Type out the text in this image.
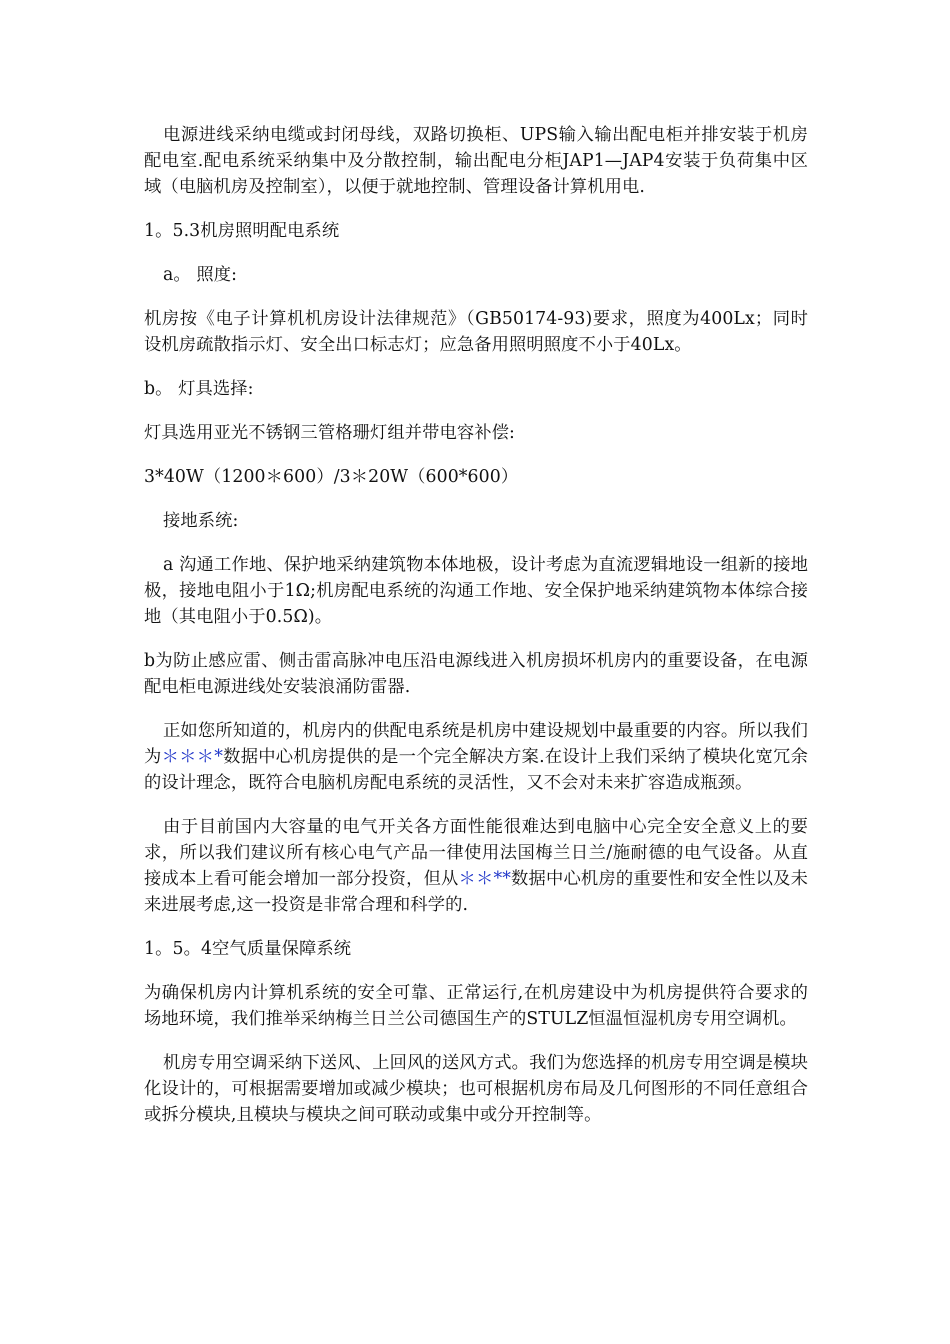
电源进线采纳电缆或封闭母线，双路切换柜、UPS输入输出配电柜并排安装于机房配电室.配电系统采纳集中及分散控制，输出配电分柜JAP1—JAP4安装于负荷集中区域（电脑机房及控制室），以便于就地控制、管理设备计算机用电.

1。5.3机房照明配电系统

a。 照度:

机房按《电子计算机机房设计法律规范》（GB50174-93)要求，照度为400Lx；同时设机房疏散指示灯、安全出口标志灯；应急备用照明照度不小于40Lx。

b。 灯具选择:

灯具选用亚光不锈钢三管格珊灯组并带电容补偿:

3*40W（1200＊600）/3＊20W（600*600）

接地系统:

a 沟通工作地、保护地采纳建筑物本体地极，设计考虑为直流逻辑地设一组新的接地极，接地电阻小于1Ω;机房配电系统的沟通工作地、安全保护地采纳建筑物本体综合接地（其电阻小于0.5Ω)。

b为防止感应雷、侧击雷高脉冲电压沿电源线进入机房损坏机房内的重要设备，在电源配电柜电源进线处安装浪涌防雷器.

正如您所知道的，机房内的供配电系统是机房中建设规划中最重要的内容。所以我们为＊＊＊*数据中心机房提供的是一个完全解决方案.在设计上我们采纳了模块化宽冗余的设计理念，既符合电脑机房配电系统的灵活性，又不会对未来扩容造成瓶颈。

由于目前国内大容量的电气开关各方面性能很难达到电脑中心完全安全意义上的要求，所以我们建议所有核心电气产品一律使用法国梅兰日兰/施耐德的电气设备。从直接成本上看可能会增加一部分投资，但从＊＊**数据中心机房的重要性和安全性以及未来进展考虑,这一投资是非常合理和科学的.

1。5。4空气质量保障系统

为确保机房内计算机系统的安全可靠、正常运行,在机房建设中为机房提供符合要求的场地环境，我们推举采纳梅兰日兰公司德国生产的STULZ恒温恒湿机房专用空调机。

机房专用空调采纳下送风、上回风的送风方式。我们为您选择的机房专用空调是模块化设计的，可根据需要增加或减少模块；也可根据机房布局及几何图形的不同任意组合或拆分模块,且模块与模块之间可联动或集中或分开控制等。
